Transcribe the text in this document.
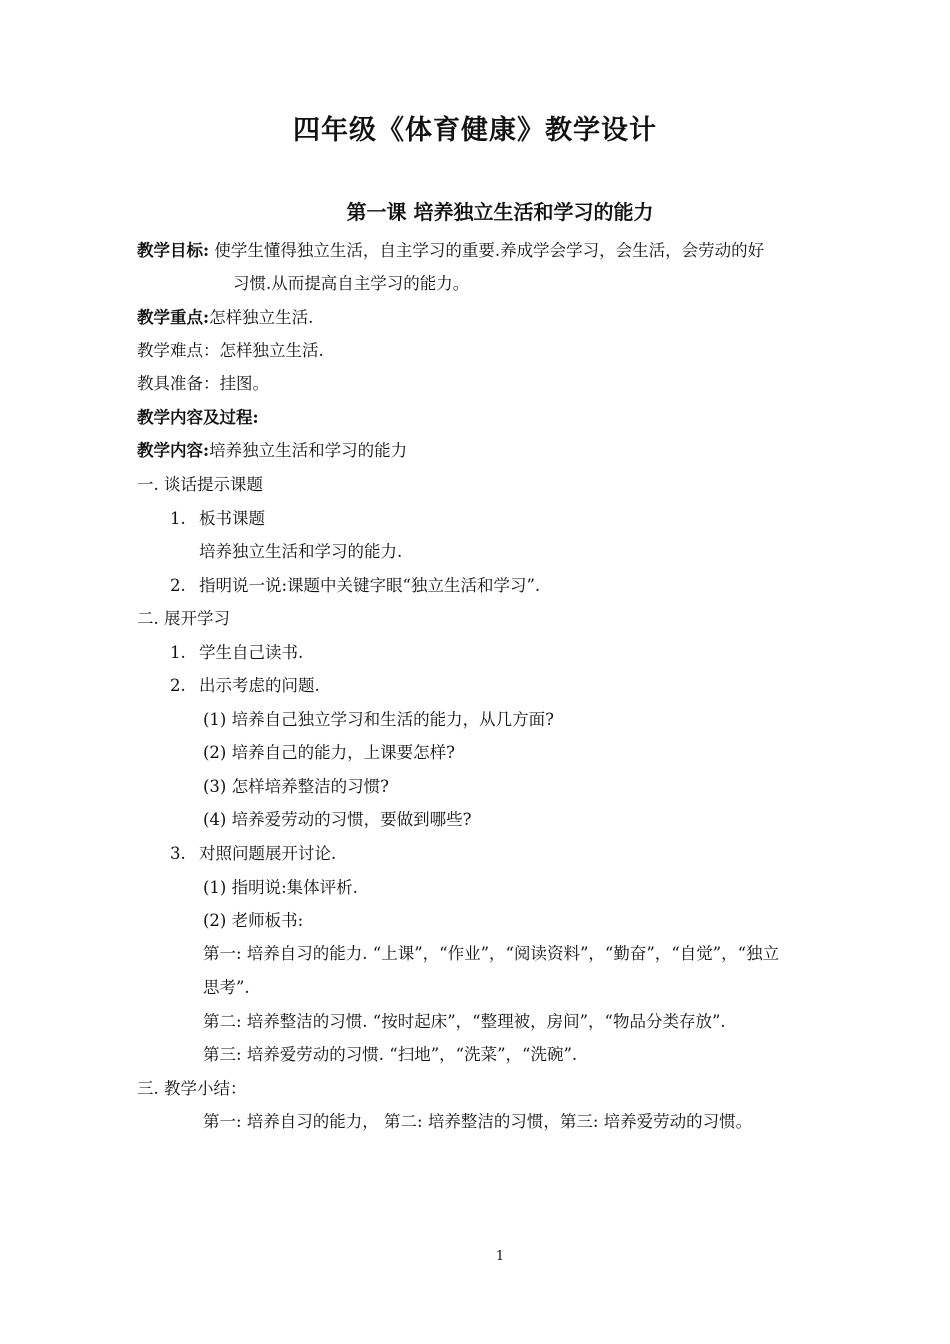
四年级《体育健康》教学设计
第一课 培养独立生活和学习的能力
教学目标: 使学生懂得独立生活，自主学习的重要.养成学会学习，会生活，会劳动的好
习惯.从而提高自主学习的能力。
教学重点:怎样独立生活.
教学难点：怎样独立生活.
教具准备：挂图。
教学内容及过程:
教学内容:培养独立生活和学习的能力
一. 谈话提示课题
1. 板书课题
培养独立生活和学习的能力.
2. 指明说一说:课题中关键字眼“独立生活和学习”.
二. 展开学习
1. 学生自己读书.
2. 出示考虑的问题.
(1) 培养自己独立学习和生活的能力，从几方面?
(2) 培养自己的能力，上课要怎样?
(3) 怎样培养整洁的习惯?
(4) 培养爱劳动的习惯，要做到哪些?
3. 对照问题展开讨论.
(1) 指明说:集体评析.
(2) 老师板书:
第一: 培养自习的能力. “上课”，“作业”，“阅读资料”，“勤奋”，“自觉”，“独立
思考”.
第二: 培养整洁的习惯. “按时起床”，“整理被，房间”，“物品分类存放”.
第三: 培养爱劳动的习惯. “扫地”，“洗菜”，“洗碗”.
三. 教学小结：
第一: 培养自习的能力， 第二: 培养整洁的习惯，第三: 培养爱劳动的习惯。
1
